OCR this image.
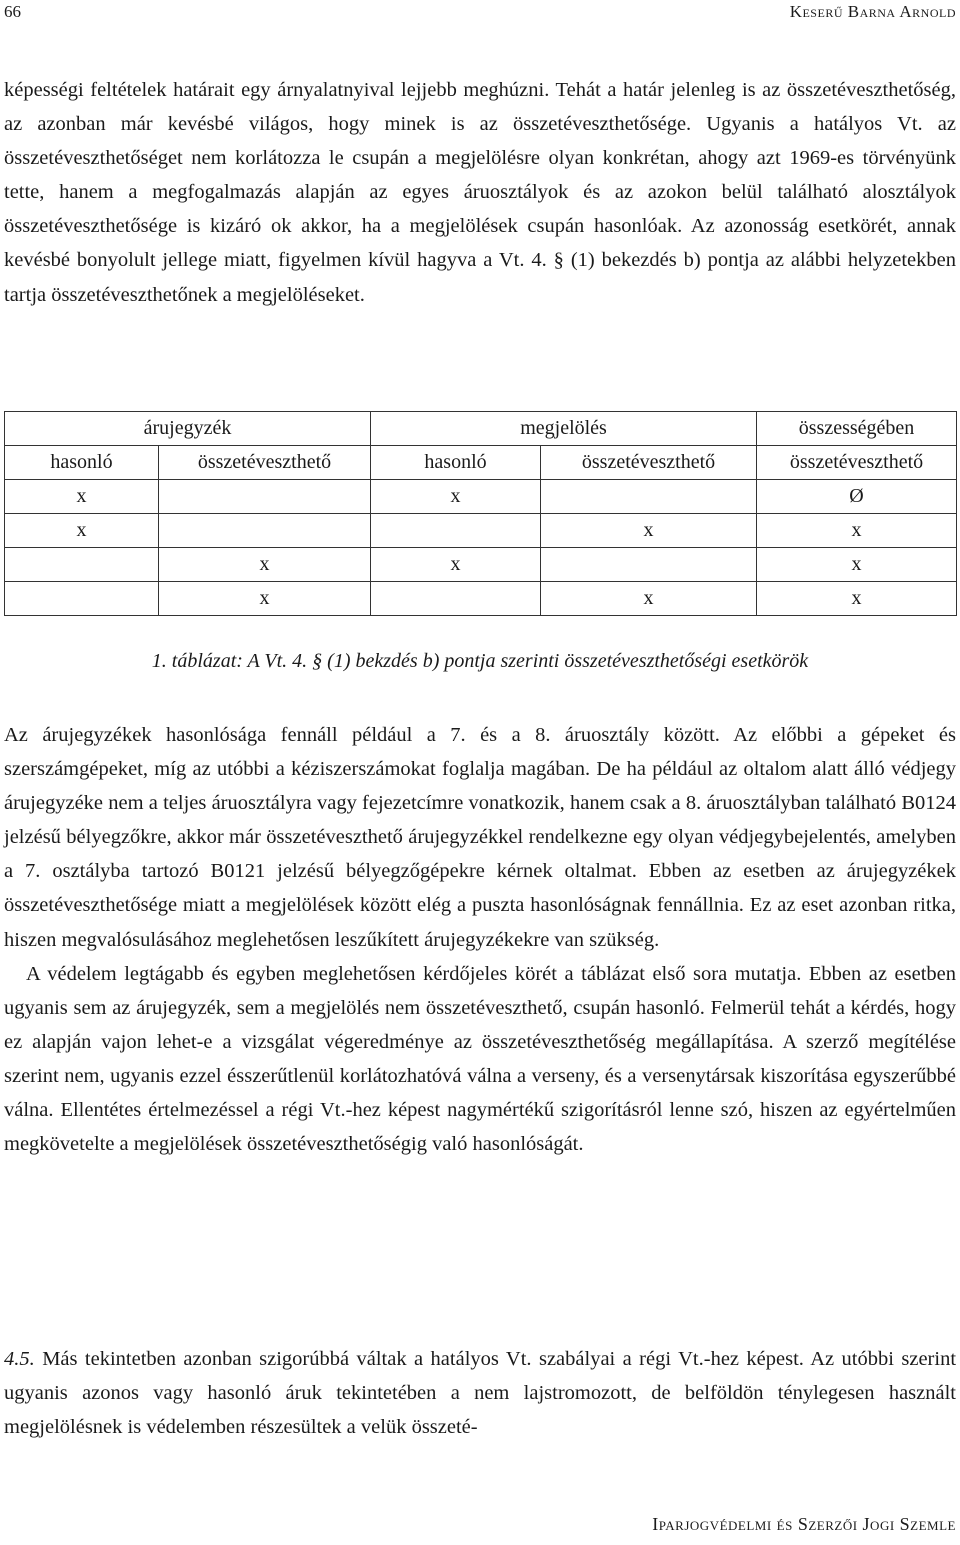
66	Keserű Barna Arnold

képességi feltételek határait egy árnyalatnyival lejjebb meghúzni. Tehát a határ jelenleg is az összetéveszthetőség, az azonban már kevésbé világos, hogy minek is az összetéveszthetősége. Ugyanis a hatályos Vt. az összetéveszthetőséget nem korlátozza le csupán a megjelölésre olyan konkrétan, ahogy azt 1969-es törvényünk tette, hanem a megfogalmazás alapján az egyes áruosztályok és az azokon belül található alosztályok összetéveszthetősége is kizáró ok akkor, ha a megjelölések csupán hasonlóak. Az azonosság esetkörét, annak kevésbé bonyolult jellege miatt, figyelmen kívül hagyva a Vt. 4. § (1) bekezdés b) pontja az alábbi helyzetekben tartja összetéveszthetőnek a megjelöléseket.

árujegyzék		megjelölés		összességében
hasonló	összetéveszthető	hasonló	összetéveszthető	összetéveszthető
x		x		Ø
x			x	x
	x	x		x
	x		x	x
1. táblázat: A Vt. 4. § (1) bekzdés b) pontja szerinti összetéveszthetőségi esetkörök

Az árujegyzékek hasonlósága fennáll például a 7. és a 8. áruosztály között. Az előbbi a gépeket és szerszámgépeket, míg az utóbbi a kéziszerszámokat foglalja magában. De ha például az oltalom alatt álló védjegy árujegyzéke nem a teljes áruosztályra vagy fejezetcímre vonatkozik, hanem csak a 8. áruosztályban található B0124 jelzésű bélyegzőkre, akkor már összetéveszthető árujegyzékkel rendelkezne egy olyan védjegybejelentés, amelyben a 7. osztályba tartozó B0121 jelzésű bélyegzőgépekre kérnek oltalmat. Ebben az esetben az árujegyzékek összetéveszthetősége miatt a megjelölések között elég a puszta hasonlóságnak fennállnia. Ez az eset azonban ritka, hiszen megvalósulásához meglehetősen leszűkített árujegyzékekre van szükség.

A védelem legtágabb és egyben meglehetősen kérdőjeles körét a táblázat első sora mutatja. Ebben az esetben ugyanis sem az árujegyzék, sem a megjelölés nem összetéveszthető, csupán hasonló. Felmerül tehát a kérdés, hogy ez alapján vajon lehet-e a vizsgálat végeredménye az összetéveszthetőség megállapítása. A szerző megítélése szerint nem, ugyanis ezzel ésszerűtlenül korlátozhatóvá válna a verseny, és a versenytársak kiszorítása egyszerűbbé válna. Ellentétes értelmezéssel a régi Vt.-hez képest nagymértékű szigorításról lenne szó, hiszen az egyértelműen megkövetelte a megjelölések összetéveszthetőségig való hasonlóságát.

4.5. Más tekintetben azonban szigorúbbá váltak a hatályos Vt. szabályai a régi Vt.-hez képest. Az utóbbi szerint ugyanis azonos vagy hasonló áruk tekintetében a nem lajstromozott, de belföldön ténylegesen használt megjelölésnek is védelemben részesültek a velük összeté-

Iparjogvédelmi és Szerzői Jogi Szemle
